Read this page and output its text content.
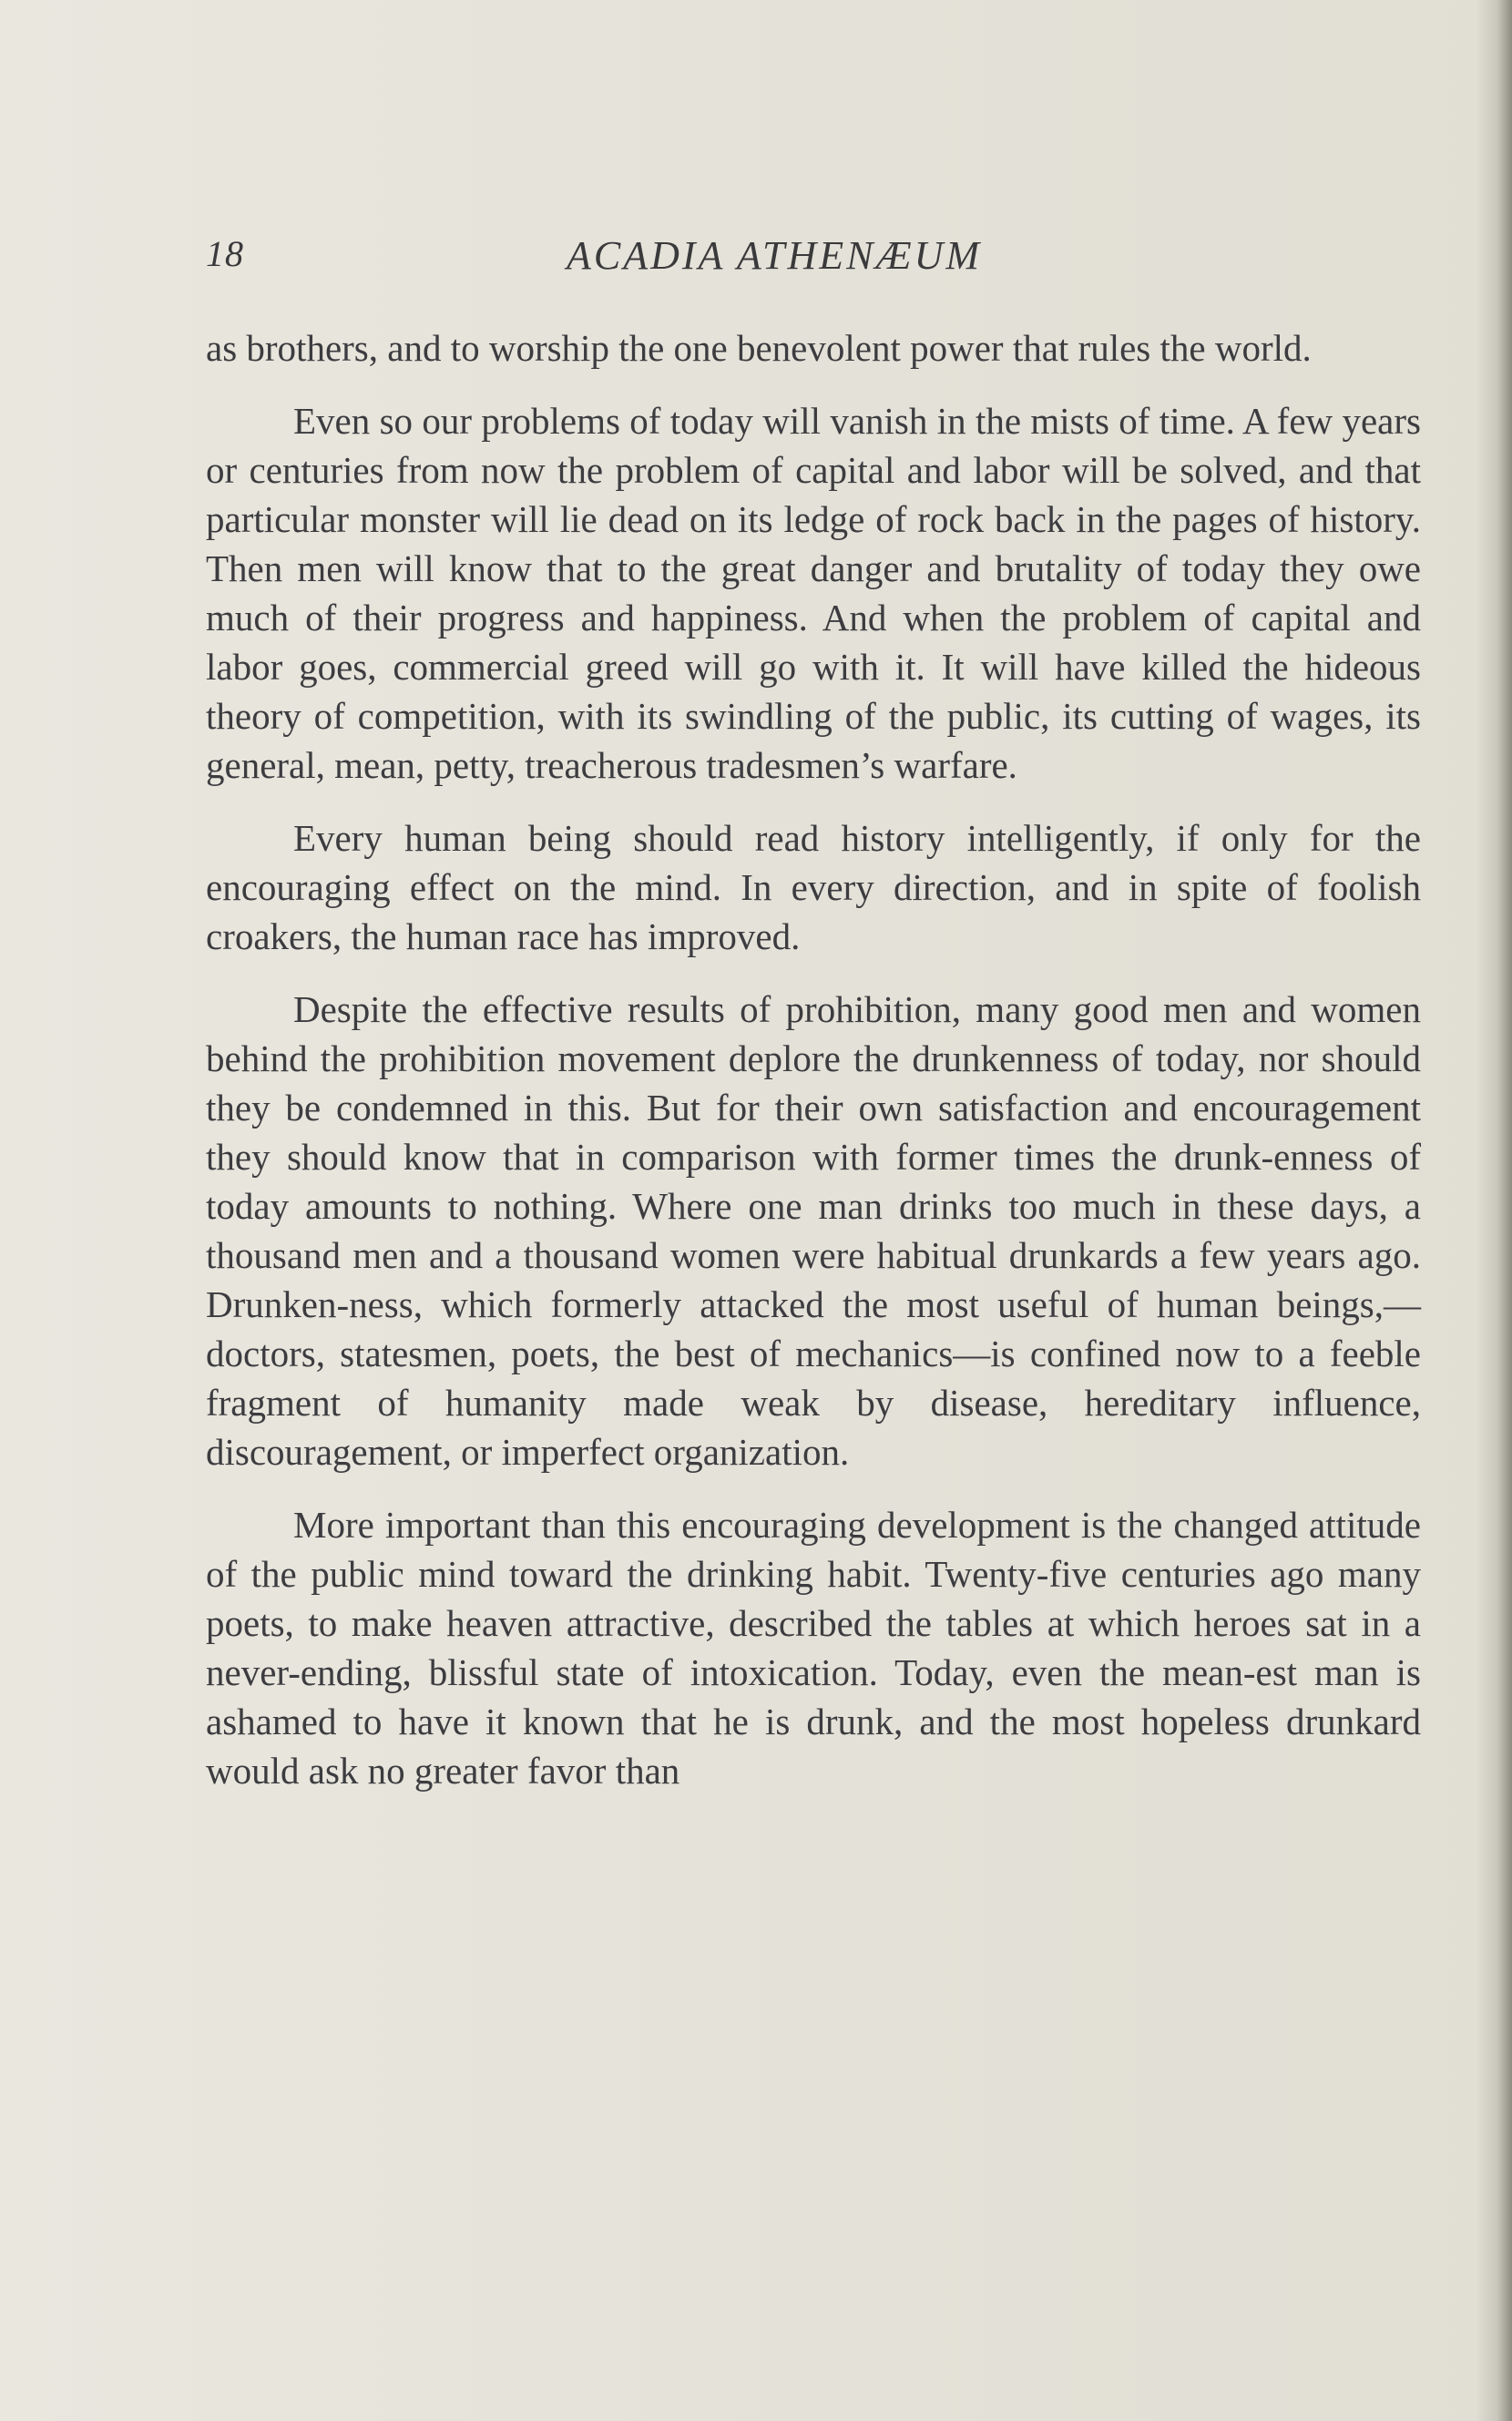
18	ACADIA ATHENÆUM

as brothers, and to worship the one benevolent power that rules the world.

Even so our problems of today will vanish in the mists of time. A few years or centuries from now the problem of capital and labor will be solved, and that particular monster will lie dead on its ledge of rock back in the pages of history. Then men will know that to the great danger and brutality of today they owe much of their progress and happiness. And when the problem of capital and labor goes, commercial greed will go with it. It will have killed the hideous theory of competition, with its swindling of the public, its cutting of wages, its general, mean, petty, treacherous tradesmen’s warfare.

Every human being should read history intelligently, if only for the encouraging effect on the mind. In every direction, and in spite of foolish croakers, the human race has improved.

Despite the effective results of prohibition, many good men and women behind the prohibition movement deplore the drunkenness of today, nor should they be condemned in this. But for their own satisfaction and encouragement they should know that in comparison with former times the drunk-enness of today amounts to nothing. Where one man drinks too much in these days, a thousand men and a thousand women were habitual drunkards a few years ago. Drunken-ness, which formerly attacked the most useful of human beings,—doctors, statesmen, poets, the best of mechanics—is confined now to a feeble fragment of humanity made weak by disease, hereditary influence, discouragement, or imperfect organization.

More important than this encouraging development is the changed attitude of the public mind toward the drinking habit. Twenty-five centuries ago many poets, to make heaven attractive, described the tables at which heroes sat in a never-ending, blissful state of intoxication. Today, even the mean-est man is ashamed to have it known that he is drunk, and the most hopeless drunkard would ask no greater favor than
